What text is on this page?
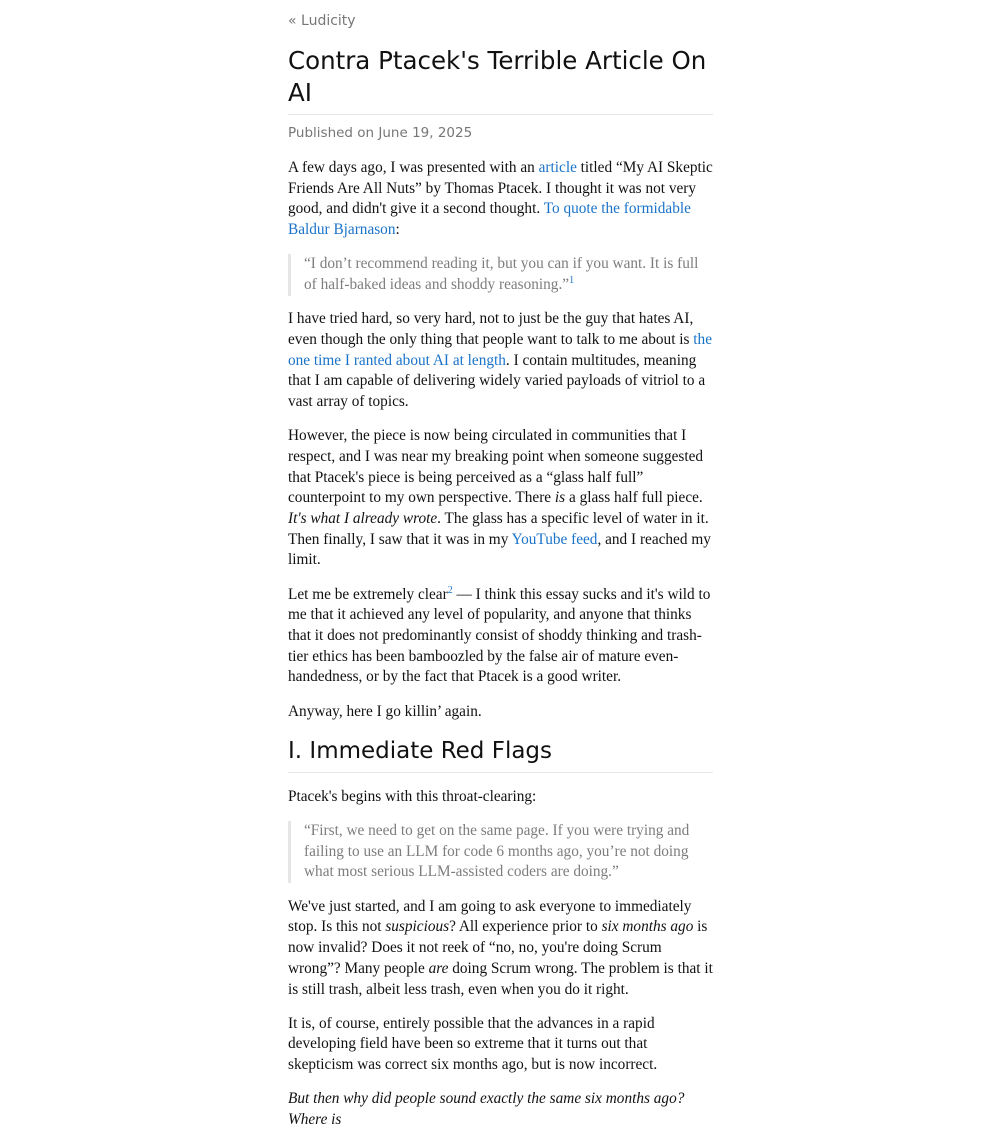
« Ludicity
Contra Ptacek's Terrible Article On AI
Published on June 19, 2025

A few days ago, I was presented with an article titled “My AI Skeptic Friends Are All Nuts” by Thomas Ptacek. I thought it was not very good, and didn't give it a second thought. To quote the formidable Baldur Bjarnason:

“I don’t recommend reading it, but you can if you want. It is full of half-baked ideas and shoddy reasoning.”$^1$

I have tried hard, so very hard, not to just be the guy that hates AI, even though the only thing that people want to talk to me about is the one time I ranted about AI at length. I contain multitudes, meaning that I am capable of delivering widely varied payloads of vitriol to a vast array of topics.

However, the piece is now being circulated in communities that I respect, and I was near my breaking point when someone suggested that Ptacek's piece is being perceived as a “glass half full” counterpoint to my own perspective. There is a glass half full piece. It's what I already wrote. The glass has a specific level of water in it. Then finally, I saw that it was in my YouTube feed, and I reached my limit.

Let me be extremely clear$^2$ — I think this essay sucks and it's wild to me that it achieved any level of popularity, and anyone that thinks that it does not predominantly consist of shoddy thinking and trash-tier ethics has been bamboozled by the false air of mature even-handedness, or by the fact that Ptacek is a good writer.

Anyway, here I go killin’ again.

I. Immediate Red Flags

Ptacek's begins with this throat-clearing:

“First, we need to get on the same page. If you were trying and failing to use an LLM for code 6 months ago, you’re not doing what most serious LLM-assisted coders are doing.”

We've just started, and I am going to ask everyone to immediately stop. Is this not suspicious? All experience prior to six months ago is now invalid? Does it not reek of “no, no, you're doing Scrum wrong”? Many people are doing Scrum wrong. The problem is that it is still trash, albeit less trash, even when you do it right.

It is, of course, entirely possible that the advances in a rapid developing field have been so extreme that it turns out that skepticism was correct six months ago, but is now incorrect.

But then why did people sound exactly the same six months ago? Where is
